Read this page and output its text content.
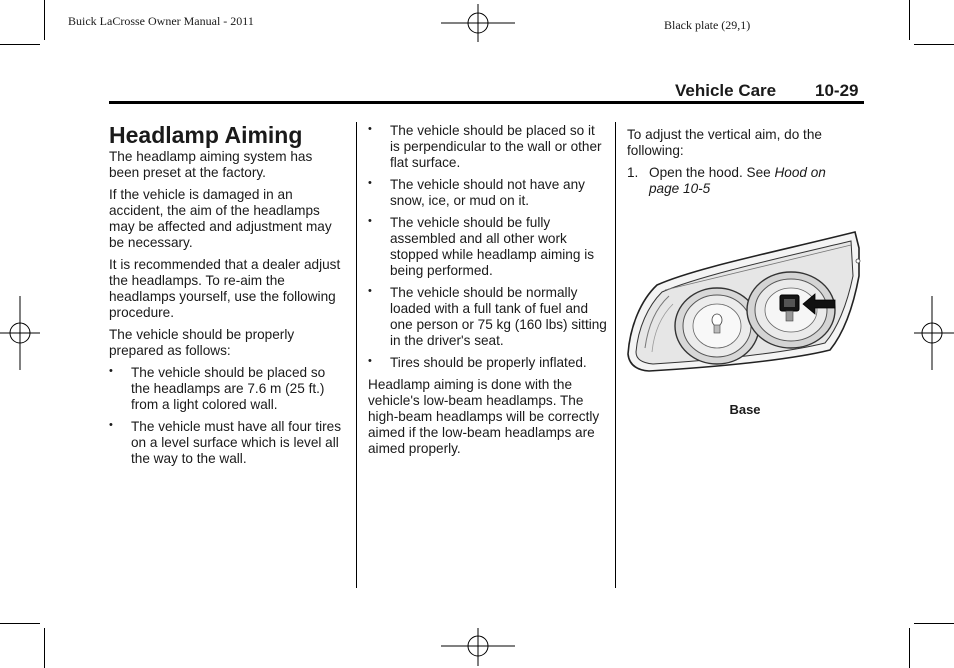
Buick LaCrosse Owner Manual - 2011	Black plate (29,1)
Vehicle Care 10-29
Headlamp Aiming

The headlamp aiming system has been preset at the factory.

If the vehicle is damaged in an accident, the aim of the headlamps may be affected and adjustment may be necessary.

It is recommended that a dealer adjust the headlamps. To re-aim the headlamps yourself, use the following procedure.

The vehicle should be properly prepared as follows:

• The vehicle should be placed so the headlamps are 7.6 m (25 ft.) from a light colored wall.
• The vehicle must have all four tires on a level surface which is level all the way to the wall.
• The vehicle should be placed so it is perpendicular to the wall or other flat surface.
• The vehicle should not have any snow, ice, or mud on it.
• The vehicle should be fully assembled and all other work stopped while headlamp aiming is being performed.
• The vehicle should be normally loaded with a full tank of fuel and one person or 75 kg (160 lbs) sitting in the driver's seat.
• Tires should be properly inflated.

Headlamp aiming is done with the vehicle's low-beam headlamps. The high-beam headlamps will be correctly aimed if the low-beam headlamps are aimed properly.

To adjust the vertical aim, do the following:

1. Open the hood. See Hood on page 10-5
Base
